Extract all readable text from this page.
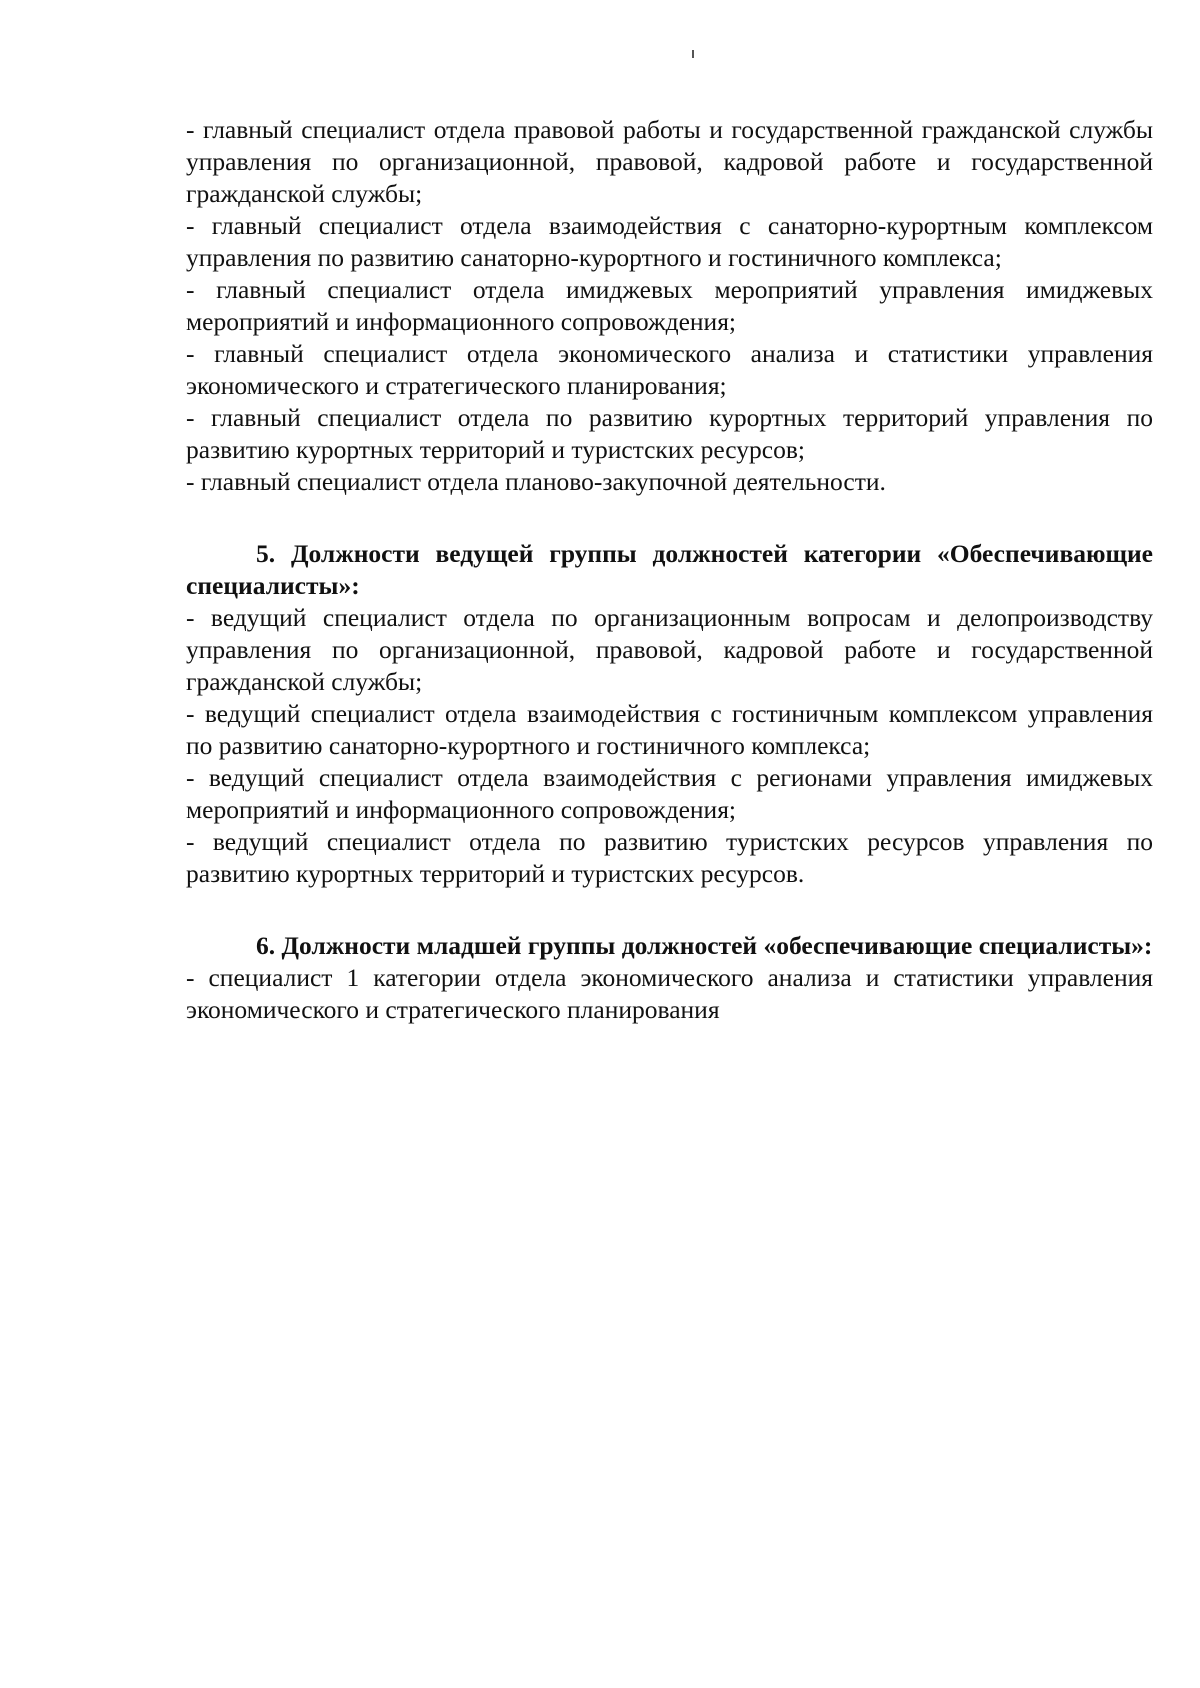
- главный специалист отдела правовой работы и государственной гражданской службы управления по организационной, правовой, кадровой работе и государственной гражданской службы;

- главный специалист отдела взаимодействия с санаторно-курортным комплексом управления по развитию санаторно-курортного и гостиничного комплекса;

- главный специалист отдела имиджевых мероприятий управления имиджевых мероприятий и информационного сопровождения;

- главный специалист отдела экономического анализа и статистики управления экономического и стратегического планирования;

- главный специалист отдела по развитию курортных территорий управления по развитию курортных территорий и туристских ресурсов;

- главный специалист отдела планово-закупочной деятельности.

5. Должности ведущей группы должностей категории «Обеспечивающие специалисты»:

- ведущий специалист отдела по организационным вопросам и делопроизводству управления по организационной, правовой, кадровой работе и государственной гражданской службы;

- ведущий специалист отдела взаимодействия с гостиничным комплексом управления по развитию санаторно-курортного и гостиничного комплекса;

- ведущий специалист отдела взаимодействия с регионами управления имиджевых мероприятий и информационного сопровождения;

- ведущий специалист отдела по развитию туристских ресурсов управления по развитию курортных территорий и туристских ресурсов.

6. Должности младшей группы должностей «обеспечивающие специалисты»:

- специалист 1 категории отдела экономического анализа и статистики управления экономического и стратегического планирования
